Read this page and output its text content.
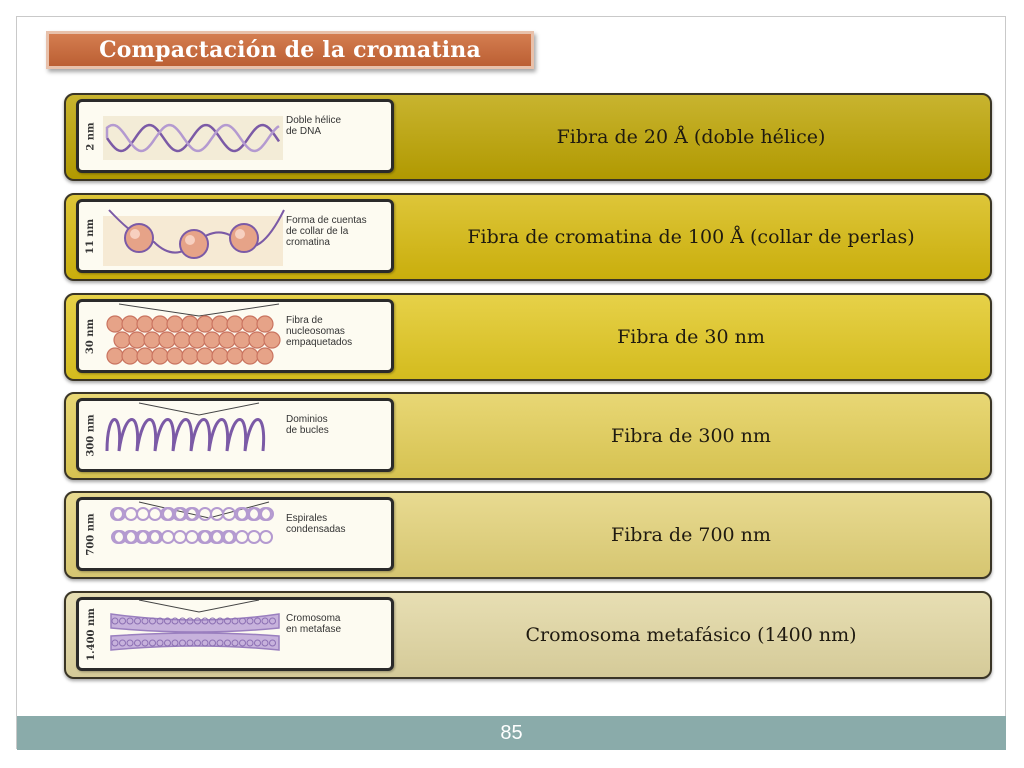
Compactación de la cromatina
2 nm
Doble hélice
de DNA	Fibra de 20 Å (doble hélice)
11 nm	Forma de cuentas
de collar de la
cromatina	Fibra de cromatina de 100 Å (collar de perlas)
30 nm	Fibra de
nucleosomas
empaquetados	Fibra de 30 nm
300 nm	Dominios
de bucles	Fibra de 300 nm
700 nm	Espirales
condensadas	Fibra de 700 nm
1.400 nm	Cromosoma
en metafase	Cromosoma metafásico (1400 nm)
85
